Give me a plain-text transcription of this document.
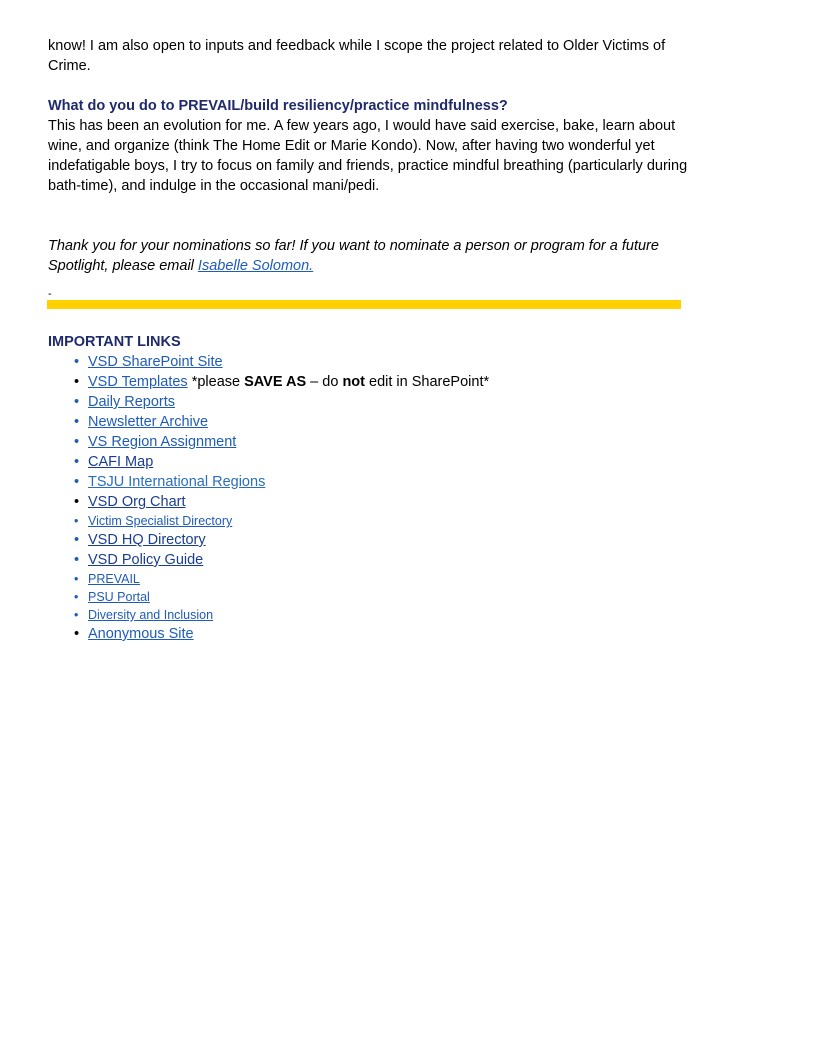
know! I am also open to inputs and feedback while I scope the project related to Older Victims of Crime.

What do you do to PREVAIL/build resiliency/practice mindfulness?

This has been an evolution for me. A few years ago, I would have said exercise, bake, learn about wine, and organize (think The Home Edit or Marie Kondo). Now, after having two wonderful yet indefatigable boys, I try to focus on family and friends, practice mindful breathing (particularly during bath-time), and indulge in the occasional mani/pedi.

Thank you for your nominations so far! If you want to nominate a person or program for a future Spotlight, please email Isabelle Solomon.

-

IMPORTANT LINKS
• VSD SharePoint Site
• VSD Templates *please SAVE AS – do not edit in SharePoint*
• Daily Reports
• Newsletter Archive
• VS Region Assignment
• CAFI Map
• TSJU International Regions
• VSD Org Chart
• Victim Specialist Directory
• VSD HQ Directory
• VSD Policy Guide
• PREVAIL
• PSU Portal
• Diversity and Inclusion
• Anonymous Site
